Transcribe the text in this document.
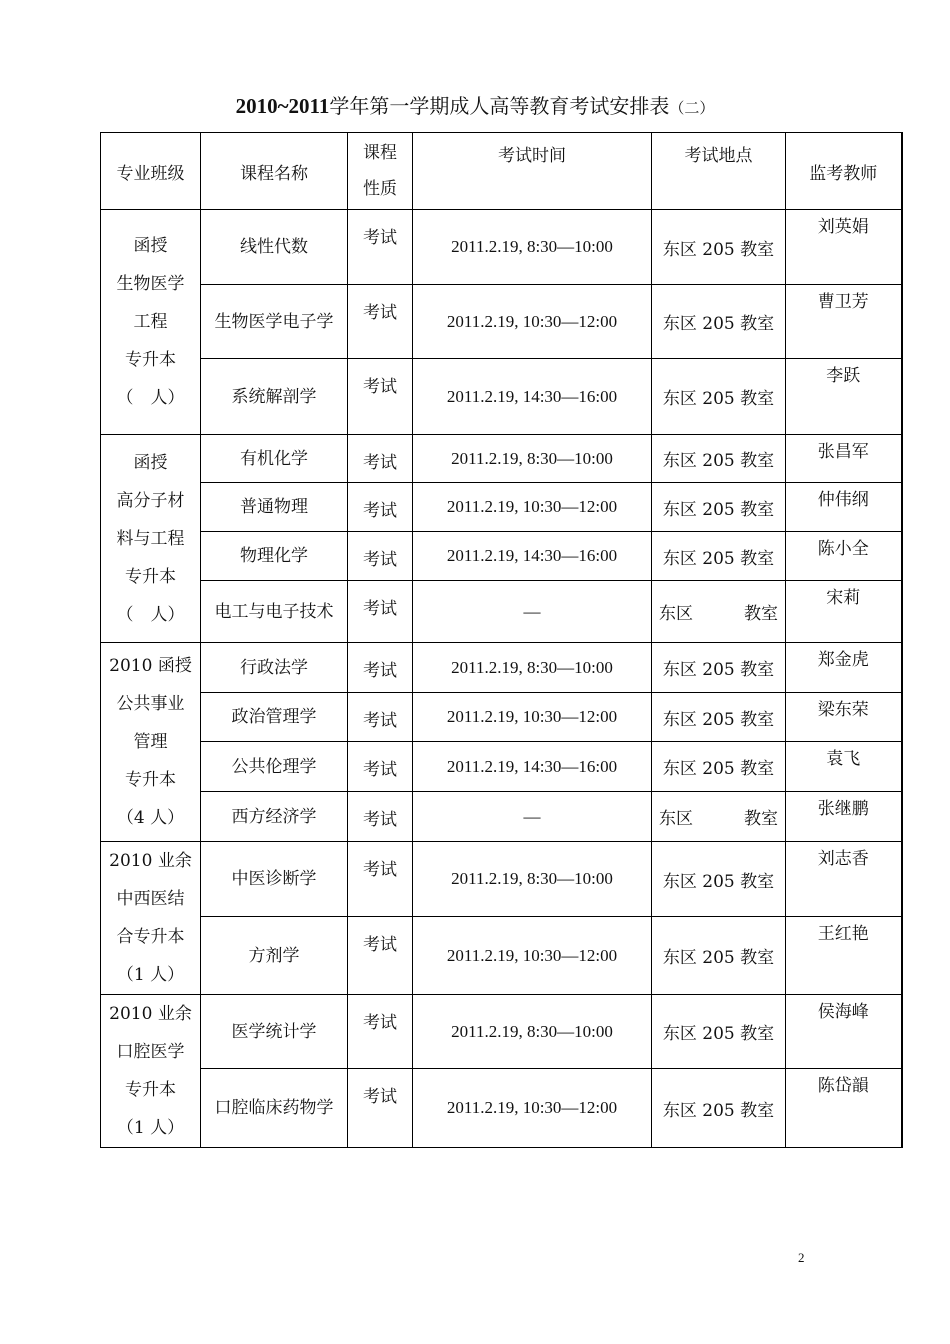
2010~2011学年第一学期成人高等教育考试安排表（二）
专业班级	课程名称	课程
性质	考试时间	考试地点	监考教师

函授
生物医学
工程
专升本
（　人）	线性代数	考试	2011.2.19, 8:30—10:00	东区 205 教室	刘英娟
	生物医学电子学	考试	2011.2.19, 10:30—12:00	东区 205 教室	曹卫芳
	系统解剖学	考试	2011.2.19, 14:30—16:00	东区 205 教室	李跃

函授
高分子材
料与工程
专升本
（　人）	有机化学	考试	2011.2.19, 8:30—10:00	东区 205 教室	张昌军
	普通物理	考试	2011.2.19, 10:30—12:00	东区 205 教室	仲伟纲
	物理化学	考试	2011.2.19, 14:30—16:00	东区 205 教室	陈小全
	电工与电子技术	考试	—	东区　　　教室	宋莉

2010 函授
公共事业
管理
专升本
（4 人）	行政法学	考试	2011.2.19, 8:30—10:00	东区 205 教室	郑金虎
	政治管理学	考试	2011.2.19, 10:30—12:00	东区 205 教室	梁东荣
	公共伦理学	考试	2011.2.19, 14:30—16:00	东区 205 教室	袁飞
	西方经济学	考试	—	东区　　　教室	张继鹏

2010 业余
中西医结
合专升本
（1 人）	中医诊断学	考试	2011.2.19, 8:30—10:00	东区 205 教室	刘志香
	方剂学	考试	2011.2.19, 10:30—12:00	东区 205 教室	王红艳

2010 业余
口腔医学
专升本
（1 人）	医学统计学	考试	2011.2.19, 8:30—10:00	东区 205 教室	侯海峰
	口腔临床药物学	考试	2011.2.19, 10:30—12:00	东区 205 教室	陈岱韻
2
